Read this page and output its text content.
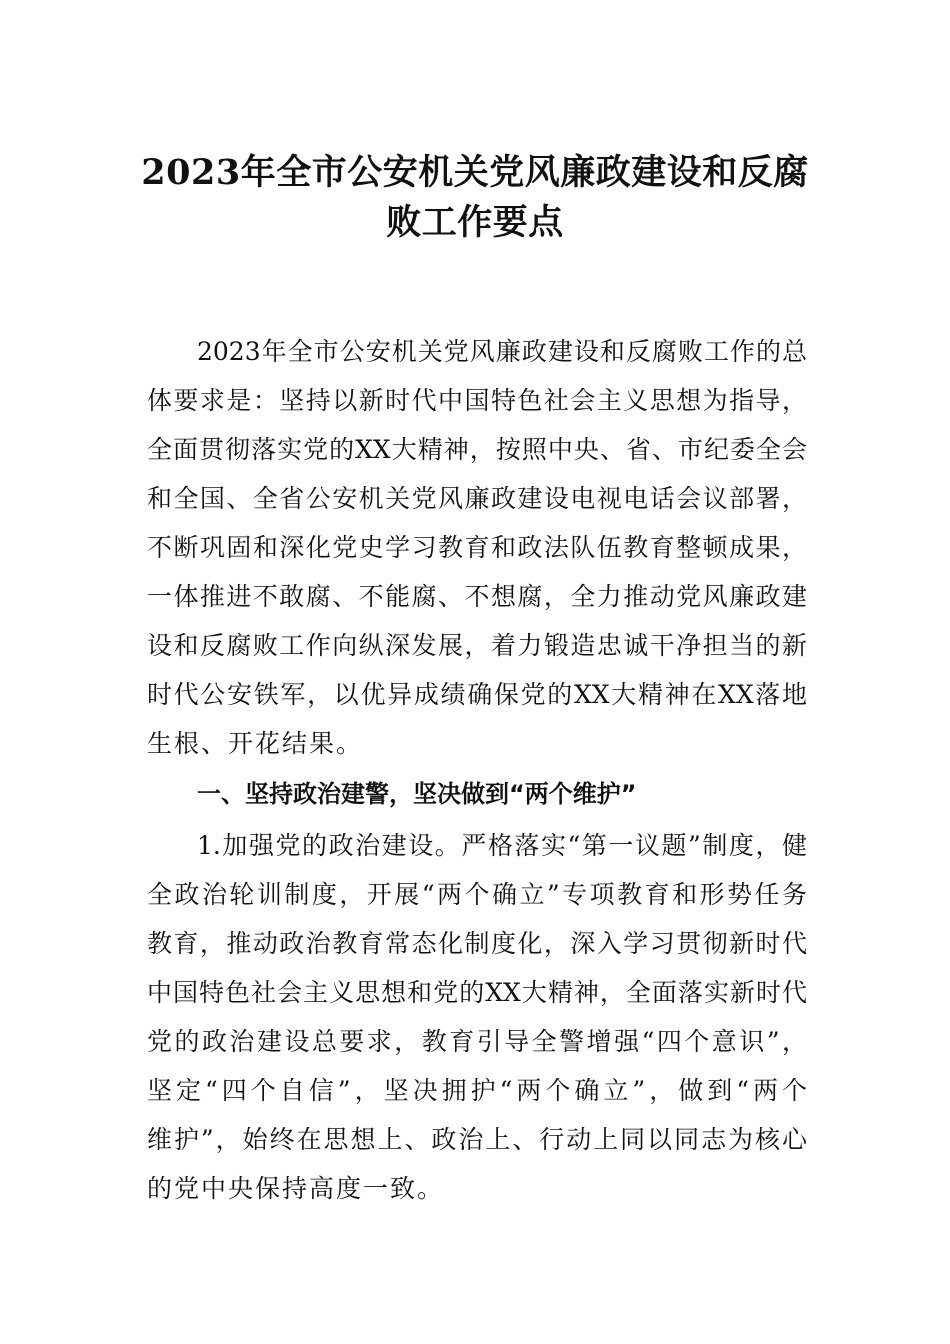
2023年全市公安机关党风廉政建设和反腐
败工作要点
2023年全市公安机关党风廉政建设和反腐败工作的总
体要求是：坚持以新时代中国特色社会主义思想为指导，
全面贯彻落实党的XX大精神，按照中央、省、市纪委全会
和全国、全省公安机关党风廉政建设电视电话会议部署，
不断巩固和深化党史学习教育和政法队伍教育整顿成果，
一体推进不敢腐、不能腐、不想腐，全力推动党风廉政建
设和反腐败工作向纵深发展，着力锻造忠诚干净担当的新
时代公安铁军，以优异成绩确保党的XX大精神在XX落地
生根、开花结果。
一、坚持政治建警，坚决做到“两个维护”
1.加强党的政治建设。严格落实“第一议题”制度，健
全政治轮训制度，开展“两个确立”专项教育和形势任务
教育，推动政治教育常态化制度化，深入学习贯彻新时代
中国特色社会主义思想和党的XX大精神，全面落实新时代
党的政治建设总要求，教育引导全警增强“四个意识”，
坚定“四个自信”，坚决拥护“两个确立”，做到“两个
维护”，始终在思想上、政治上、行动上同以同志为核心
的党中央保持高度一致。
